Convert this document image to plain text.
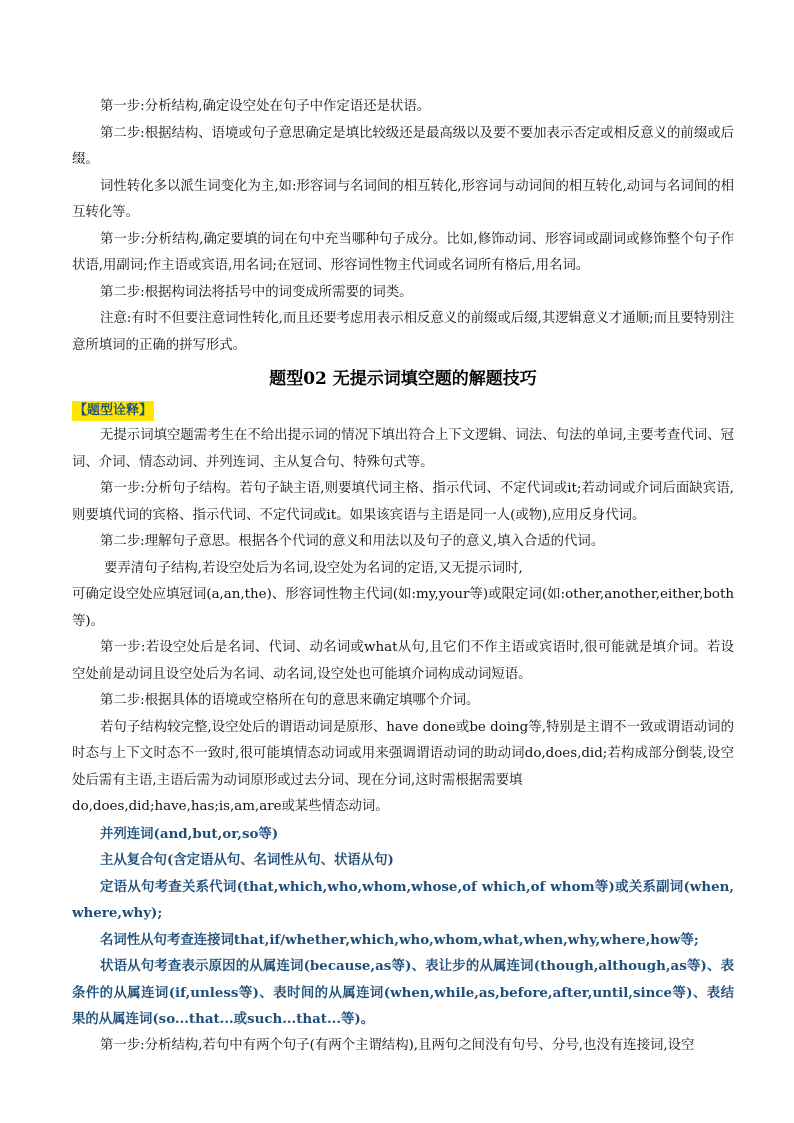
第一步:分析结构,确定设空处在句子中作定语还是状语。

第二步:根据结构、语境或句子意思确定是填比较级还是最高级以及要不要加表示否定或相反意义的前缀或后缀。

词性转化多以派生词变化为主,如:形容词与名词间的相互转化,形容词与动词间的相互转化,动词与名词间的相互转化等。

第一步:分析结构,确定要填的词在句中充当哪种句子成分。比如,修饰动词、形容词或副词或修饰整个句子作状语,用副词;作主语或宾语,用名词;在冠词、形容词性物主代词或名词所有格后,用名词。

第二步:根据构词法将括号中的词变成所需要的词类。

注意:有时不但要注意词性转化,而且还要考虑用表示相反意义的前缀或后缀,其逻辑意义才通顺;而且要特别注意所填词的正确的拼写形式。

题型02 无提示词填空题的解题技巧
【题型诠释】

无提示词填空题需考生在不给出提示词的情况下填出符合上下文逻辑、词法、句法的单词,主要考查代词、冠词、介词、情态动词、并列连词、主从复合句、特殊句式等。

第一步:分析句子结构。若句子缺主语,则要填代词主格、指示代词、不定代词或it;若动词或介词后面缺宾语,则要填代词的宾格、指示代词、不定代词或it。如果该宾语与主语是同一人(或物),应用反身代词。

第二步:理解句子意思。根据各个代词的意义和用法以及句子的意义,填入合适的代词。

要弄清句子结构,若设空处后为名词,设空处为名词的定语,又无提示词时,

可确定设空处应填冠词(a,an,the)、形容词性物主代词(如:my,your等)或限定词(如:other,another,either,both等)。

第一步:若设空处后是名词、代词、动名词或what从句,且它们不作主语或宾语时,很可能就是填介词。若设空处前是动词且设空处后为名词、动名词,设空处也可能填介词构成动词短语。

第二步:根据具体的语境或空格所在句的意思来确定填哪个介词。

若句子结构较完整,设空处后的谓语动词是原形、have done或be doing等,特别是主谓不一致或谓语动词的时态与上下文时态不一致时,很可能填情态动词或用来强调谓语动词的助动词do,does,did;若构成部分倒装,设空处后需有主语,主语后需为动词原形或过去分词、现在分词,这时需根据需要填

do,does,did;have,has;is,am,are或某些情态动词。

并列连词(and,but,or,so等)

主从复合句(含定语从句、名词性从句、状语从句)

定语从句考查关系代词(that,which,who,whom,whose,of which,of whom等)或关系副词(when,where,why);

名词性从句考查连接词that,if/whether,which,who,whom,what,when,why,where,how等;

状语从句考查表示原因的从属连词(because,as等)、表让步的从属连词(though,although,as等)、表条件的从属连词(if,unless等)、表时间的从属连词(when,while,as,before,after,until,since等)、表结果的从属连词(so...that...或such...that...等)。

第一步:分析结构,若句中有两个句子(有两个主谓结构),且两句之间没有句号、分号,也没有连接词,设空
